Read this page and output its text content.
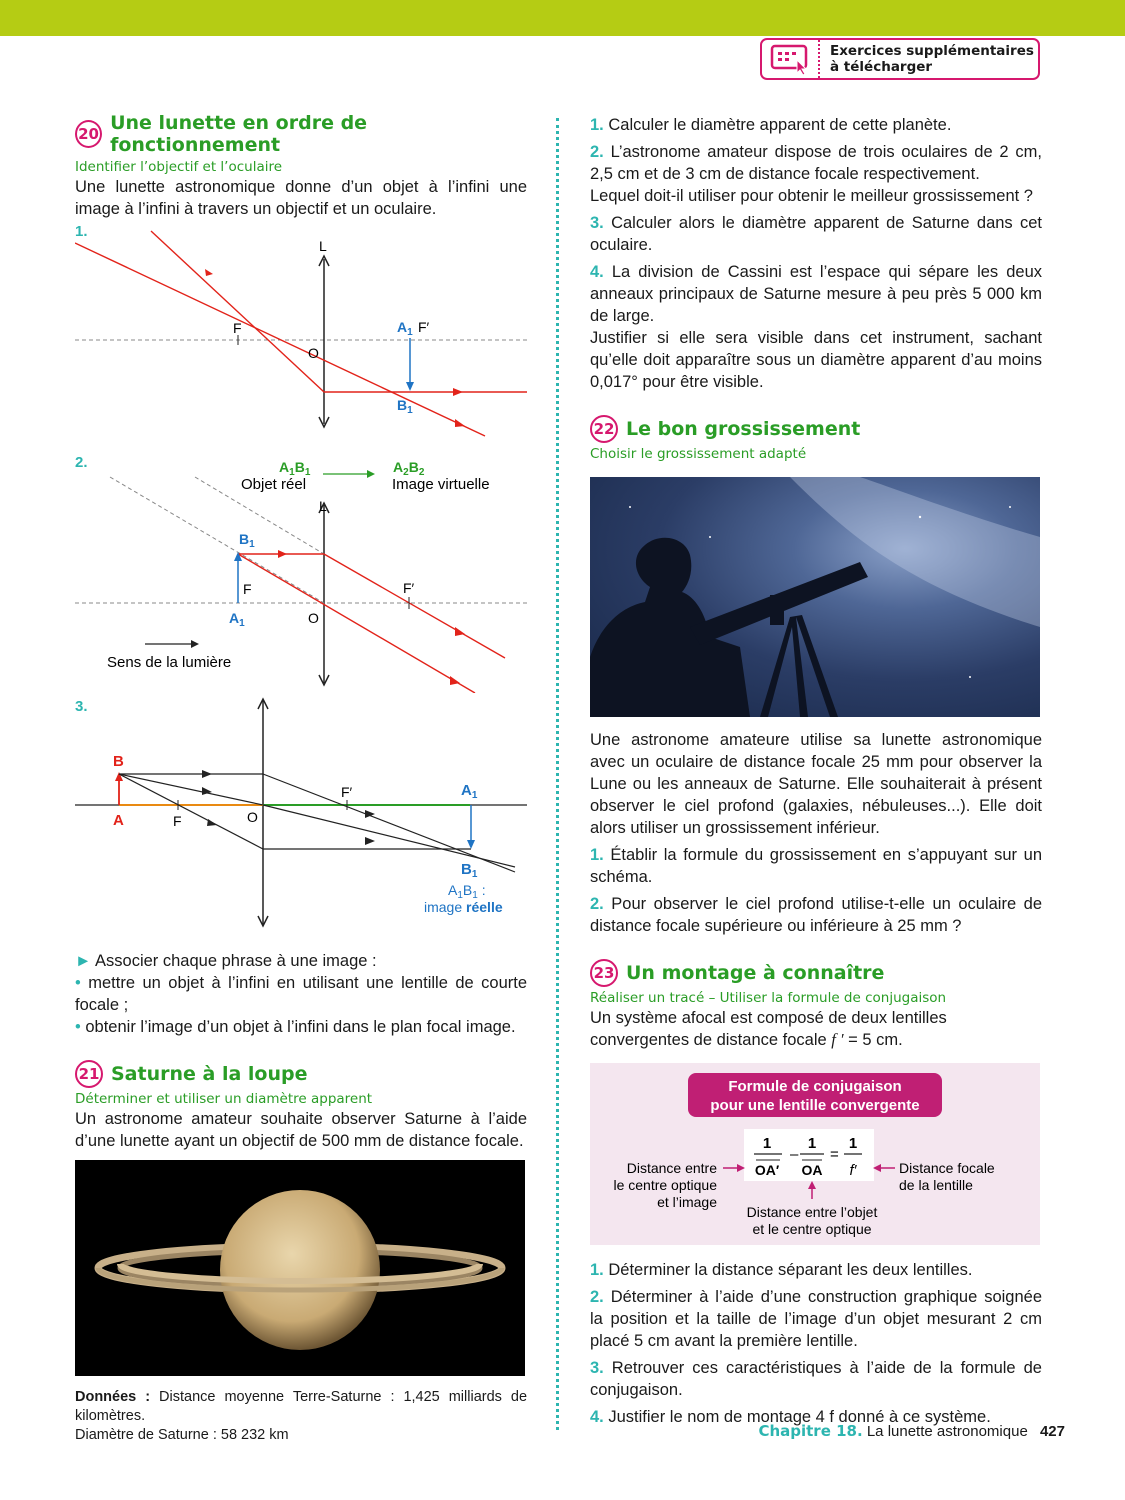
Exercices supplémentaires
à télécharger
20 Une lunette en ordre de fonctionnement
Identifier l’objectif et l’oculaire

Une lunette astronomique donne d’un objet à l’infini une image à l’infini à travers un objectif et un oculaire.

1.
L
F
O
$A_1$ F′
$B_1$
2.	$A_1B_1$
Objet réel
$A_2B_2$
Image virtuelle
L
$B_1$
F	F′
$A_1$	O
Sens de la lumière
3.
B
A	F	O
F′	$A_1$
$B_1$
$A_1B_1$ :
image réelle

► Associer chaque phrase à une image :

• mettre un objet à l’infini en utilisant une lentille de courte focale ;

• obtenir l’image d’un objet à l’infini dans le plan focal image.

21 Saturne à la loupe
Déterminer et utiliser un diamètre apparent

Un astronome amateur souhaite observer Saturne à l’aide d’une lunette ayant un objectif de 500 mm de distance focale.

Données : Distance moyenne Terre-Saturne : 1,425 milliards de kilomètres.

Diamètre de Saturne : 58 232 km

1. Calculer le diamètre apparent de cette planète.

2. L’astronome amateur dispose de trois oculaires de 2 cm, 2,5 cm et de 3 cm de distance focale respectivement.

Lequel doit-il utiliser pour obtenir le meilleur grossissement ?

3. Calculer alors le diamètre apparent de Saturne dans cet oculaire.

4. La division de Cassini est l’espace qui sépare les deux anneaux principaux de Saturne mesure à peu près 5 000 km de large.

Justifier si elle sera visible dans cet instrument, sachant qu’elle doit apparaître sous un diamètre apparent d’au moins 0,017° pour être visible.

22 Le bon grossissement
Choisir le grossissement adapté

Une astronome amateure utilise sa lunette astronomique avec un oculaire de distance focale 25 mm pour observer la Lune ou les anneaux de Saturne. Elle souhaiterait à présent observer le ciel profond (galaxies, nébuleuses...). Elle doit alors utiliser un grossissement inférieur.

1. Établir la formule du grossissement en s’appuyant sur un schéma.

2. Pour observer le ciel profond utilise-t-elle un oculaire de distance focale supérieure ou inférieure à 25 mm ?

23 Un montage à connaître
Réaliser un tracé – Utiliser la formule de conjugaison

Un système afocal est composé de deux lentilles convergentes de distance focale f ′ = 5 cm.

Formule de conjugaison
pour une lentille convergente
1
OA′
–
1
OA
=
1
f′
Distance entre
le centre optique
et l’image
Distance focale
de la lentille
Distance entre l’objet
et le centre optique

1. Déterminer la distance séparant les deux lentilles.

2. Déterminer à l’aide d’une construction graphique soignée la position et la taille de l’image d’un objet mesurant 2 cm placé 5 cm avant la première lentille.

3. Retrouver ces caractéristiques à l’aide de la formule de conjugaison.

4. Justifier le nom de montage 4 f donné à ce système.

Chapitre 18. La lunette astronomique 427
